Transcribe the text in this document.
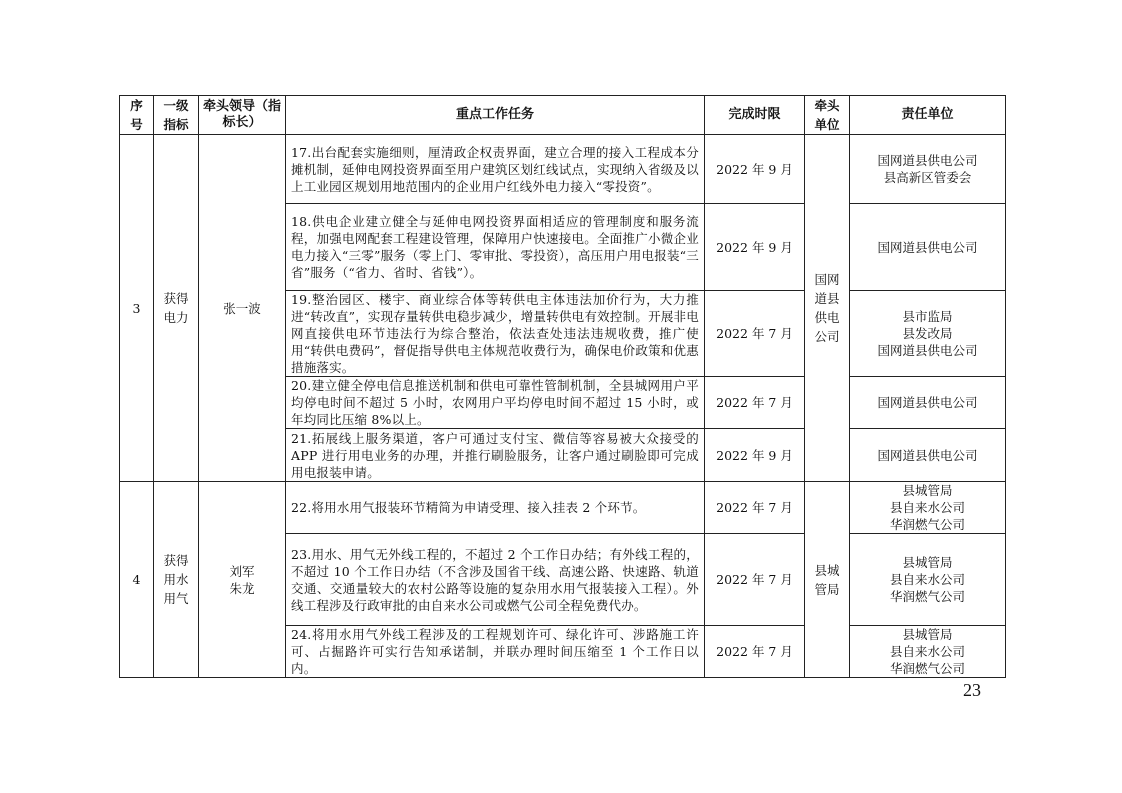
序号	一级指标	牵头领导（指标长）	重点工作任务	完成时限	牵头单位	责任单位
3	获得电力	张一波	17.出台配套实施细则，厘清政企权责界面，建立合理的接入工程成本分摊机制，延伸电网投资界面至用户建筑区划红线试点，实现纳入省级及以上工业园区规划用地范围内的企业用户红线外电力接入“零投资”。	2022 年 9 月	国网道县供电公司	国网道县供电公司
县高新区管委会

			18.供电企业建立健全与延伸电网投资界面相适应的管理制度和服务流程，加强电网配套工程建设管理，保障用户快速接电。全面推广小微企业电力接入“三零”服务（零上门、零审批、零投资），高压用户用电报装“三省”服务（“省力、省时、省钱”）。	2022 年 9 月		国网道县供电公司

			19.整治园区、楼宇、商业综合体等转供电主体违法加价行为，大力推进“转改直”，实现存量转供电稳步减少，增量转供电有效控制。开展非电网直接供电环节违法行为综合整治，依法查处违法违规收费，推广使用“转供电费码”，督促指导供电主体规范收费行为，确保电价政策和优惠措施落实。	2022 年 7 月		县市监局
县发改局
国网道县供电公司

			20.建立健全停电信息推送机制和供电可靠性管制机制，全县城网用户平均停电时间不超过 5 小时，农网用户平均停电时间不超过 15 小时，或年均同比压缩 8%以上。	2022 年 7 月		国网道县供电公司

			21.拓展线上服务渠道，客户可通过支付宝、微信等容易被大众接受的 APP 进行用电业务的办理，并推行刷脸服务，让客户通过刷脸即可完成用电报装申请。	2022 年 9 月		国网道县供电公司

4	获得用水用气	刘军 朱龙	22.将用水用气报装环节精简为申请受理、接入挂表 2 个环节。	2022 年 7 月	县城管局	县城管局
县自来水公司
华润燃气公司

			23.用水、用气无外线工程的，不超过 2 个工作日办结；有外线工程的，不超过 10 个工作日办结（不含涉及国省干线、高速公路、快速路、轨道交通、交通量较大的农村公路等设施的复杂用水用气报装接入工程）。外线工程涉及行政审批的由自来水公司或燃气公司全程免费代办。	2022 年 7 月		县城管局
县自来水公司
华润燃气公司

			24.将用水用气外线工程涉及的工程规划许可、绿化许可、涉路施工许可、占掘路许可实行告知承诺制，并联办理时间压缩至 1 个工作日以内。	2022 年 7 月		县城管局
县自来水公司
华润燃气公司
23
